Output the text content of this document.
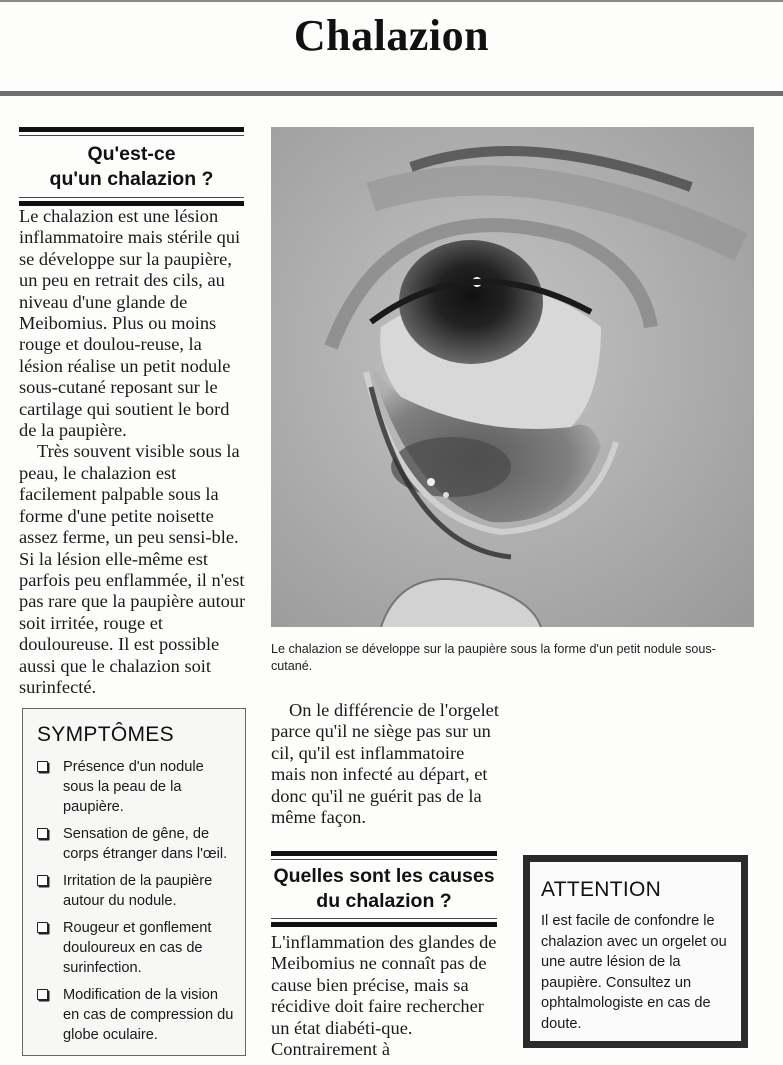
Chalazion
Qu'est-ce
qu'un chalazion ?

Le chalazion est une lésion inflammatoire mais stérile qui se développe sur la paupière, un peu en retrait des cils, au niveau d'une glande de Meibomius. Plus ou moins rouge et doulou-reuse, la lésion réalise un petit nodule sous-cutané reposant sur le cartilage qui soutient le bord de la paupière.

Très souvent visible sous la peau, le chalazion est facilement palpable sous la forme d'une petite noisette assez ferme, un peu sensi-ble. Si la lésion elle-même est parfois peu enflammée, il n'est pas rare que la paupière autour soit irritée, rouge et douloureuse. Il est possible aussi que le chalazion soit surinfecté.

Le chalazion se développe sur la paupière sous la forme d'un petit nodule sous-cutané.
SYMPTÔMES
Présence d'un nodule sous la peau de la paupière.
Sensation de gêne, de corps étranger dans l'œil.
Irritation de la paupière autour du nodule.
Rougeur et gonflement douloureux en cas de surinfection.
Modification de la vision en cas de compression du globe oculaire.

On le différencie de l'orgelet parce qu'il ne siège pas sur un cil, qu'il est inflammatoire mais non infecté au départ, et donc qu'il ne guérit pas de la même façon.

Quelles sont les causes
du chalazion ?

L'inflammation des glandes de Meibomius ne connaît pas de cause bien précise, mais sa récidive doit faire rechercher un état diabéti-que. Contrairement à

ATTENTION

Il est facile de confondre le chalazion avec un orgelet ou une autre lésion de la paupière. Consultez un ophtalmologiste en cas de doute.
